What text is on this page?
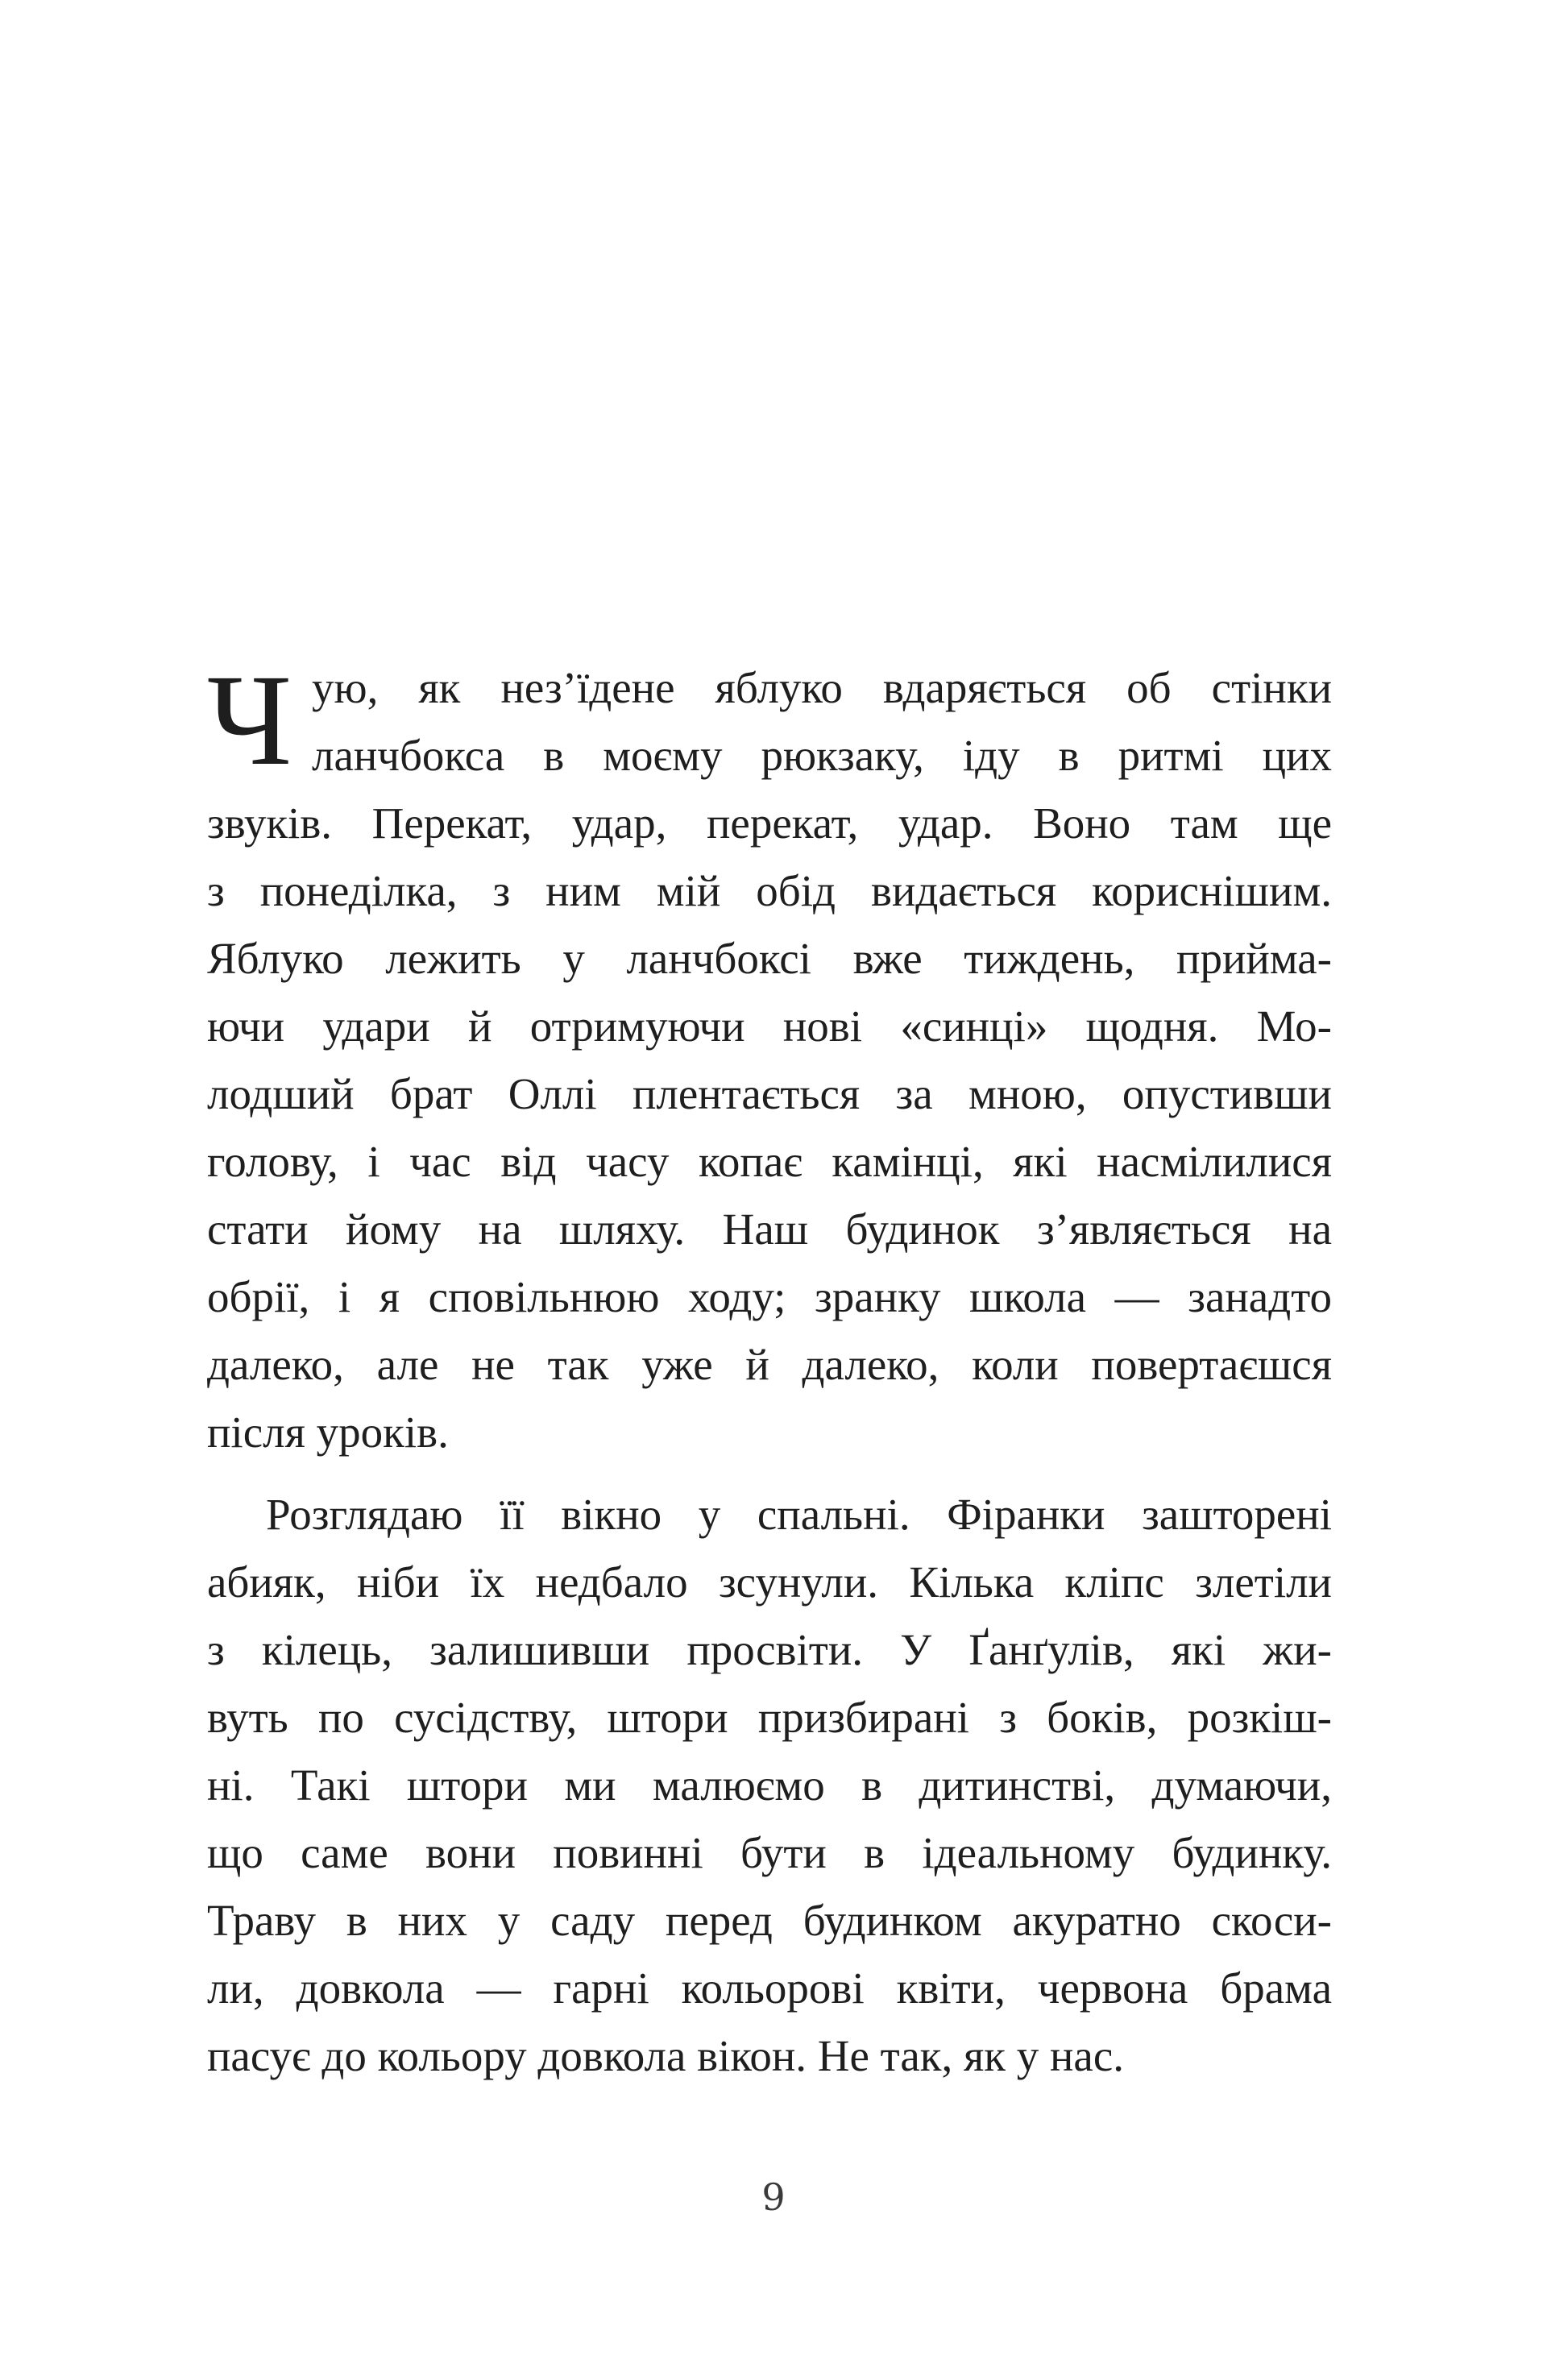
Ч ую, як нез’їдене яблуко вдаряється об стінки
ланчбокса в моєму рюкзаку, іду в ритмі цих
звуків. Перекат, удар, перекат, удар. Воно там ще
з понеділка, з ним мій обід видається кориснішим.
Яблуко лежить у ланчбоксі вже тиждень, прийма-
ючи удари й отримуючи нові «синці» щодня. Мо-
лодший брат Оллі плентається за мною, опустивши
голову, і час від часу копає камінці, які насмілилися
стати йому на шляху. Наш будинок з’являється на
обрії, і я сповільнюю ходу; зранку школа — занадто
далеко, але не так уже й далеко, коли повертаєшся
після уроків.
Розглядаю її вікно у спальні. Фіранки зашторені
абияк, ніби їх недбало зсунули. Кілька кліпс злетіли
з кілець, залишивши просвіти. У Ґанґулів, які жи-
вуть по сусідству, штори призбирані з боків, розкіш-
ні. Такі штори ми малюємо в дитинстві, думаючи,
що саме вони повинні бути в ідеальному будинку.
Траву в них у саду перед будинком акуратно скоси-
ли, довкола — гарні кольорові квіти, червона брама
пасує до кольору довкола вікон. Не так, як у нас.
9
